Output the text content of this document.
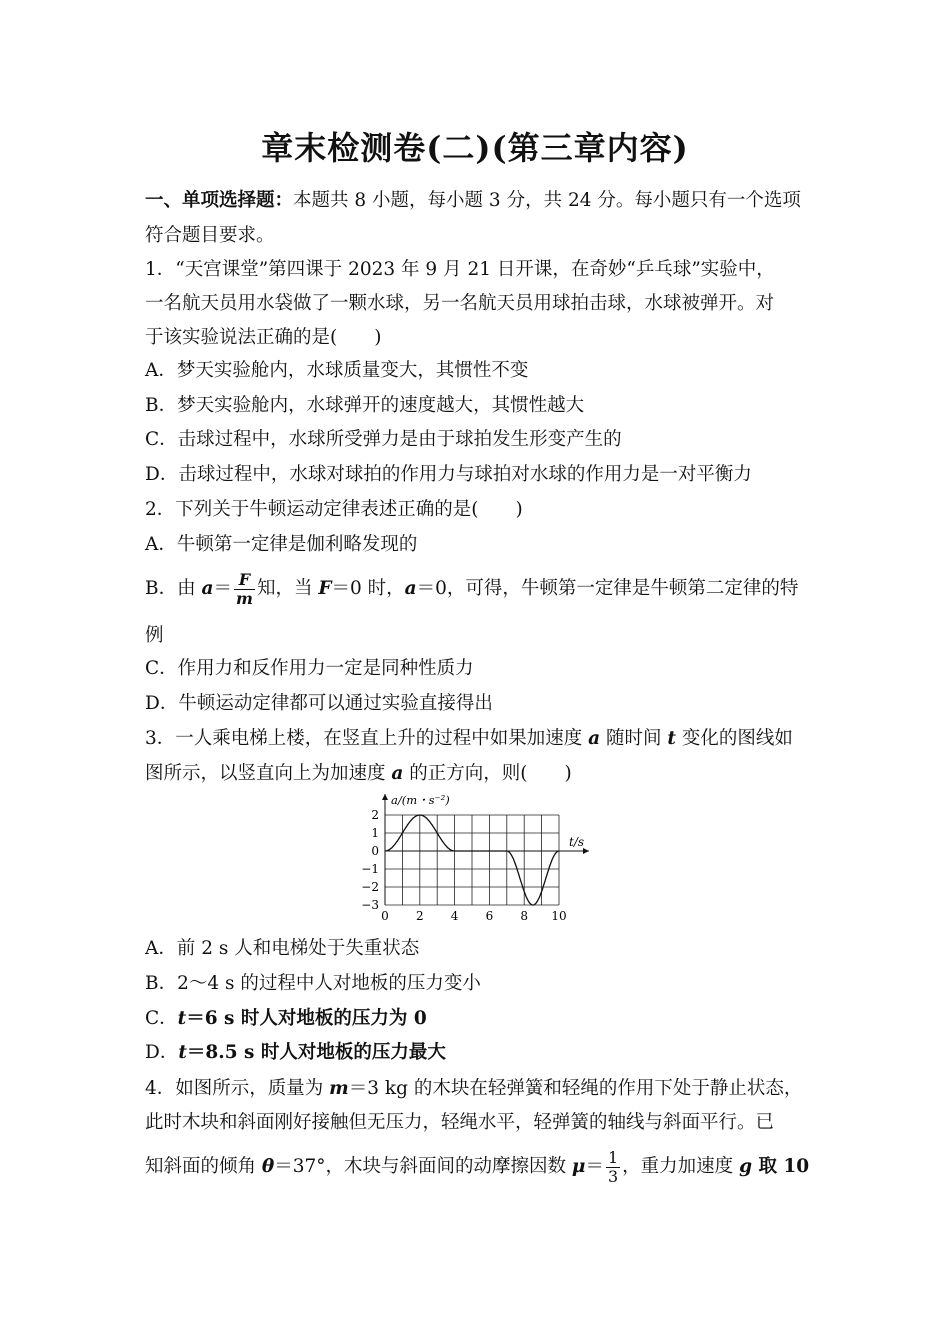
章末检测卷(二)(第三章内容)
一、单项选择题：本题共 8 小题，每小题 3 分，共 24 分。每小题只有一个选项
符合题目要求。
1．“天宫课堂”第四课于 2023 年 9 月 21 日开课，在奇妙“乒乓球”实验中，
一名航天员用水袋做了一颗水球，另一名航天员用球拍击球，水球被弹开。对
于该实验说法正确的是(　　)
A．梦天实验舱内，水球质量变大，其惯性不变
B．梦天实验舱内，水球弹开的速度越大，其惯性越大
C．击球过程中，水球所受弹力是由于球拍发生形变产生的
D．击球过程中，水球对球拍的作用力与球拍对水球的作用力是一对平衡力
2．下列关于牛顿运动定律表述正确的是(　　)
A．牛顿第一定律是伽利略发现的
B．由 $a= \frac{F}{m}$ 知，当 F＝0 时，a＝0，可得，牛顿第一定律是牛顿第二定律的特
例
C．作用力和反作用力一定是同种性质力
D．牛顿运动定律都可以通过实验直接得出
3．一人乘电梯上楼，在竖直上升的过程中如果加速度 a 随时间 t 变化的图线如
图所示，以竖直向上为加速度 a 的正方向，则(　　)
2
1
0
−1
−2
−3
0 2 4 6 8 10
a/(m・s⁻²)
t/s
A．前 2 s 人和电梯处于失重状态
B．2～4 s 的过程中人对地板的压力变小
C．t＝6 s 时人对地板的压力为 0
D．t＝8.5 s 时人对地板的压力最大
4．如图所示，质量为 m＝3 kg 的木块在轻弹簧和轻绳的作用下处于静止状态，
此时木块和斜面刚好接触但无压力，轻绳水平，轻弹簧的轴线与斜面平行。已
知斜面的倾角 θ＝37°，木块与斜面间的动摩擦因数 $\mu= \frac{1}{3}$ ，重力加速度 g 取 10
